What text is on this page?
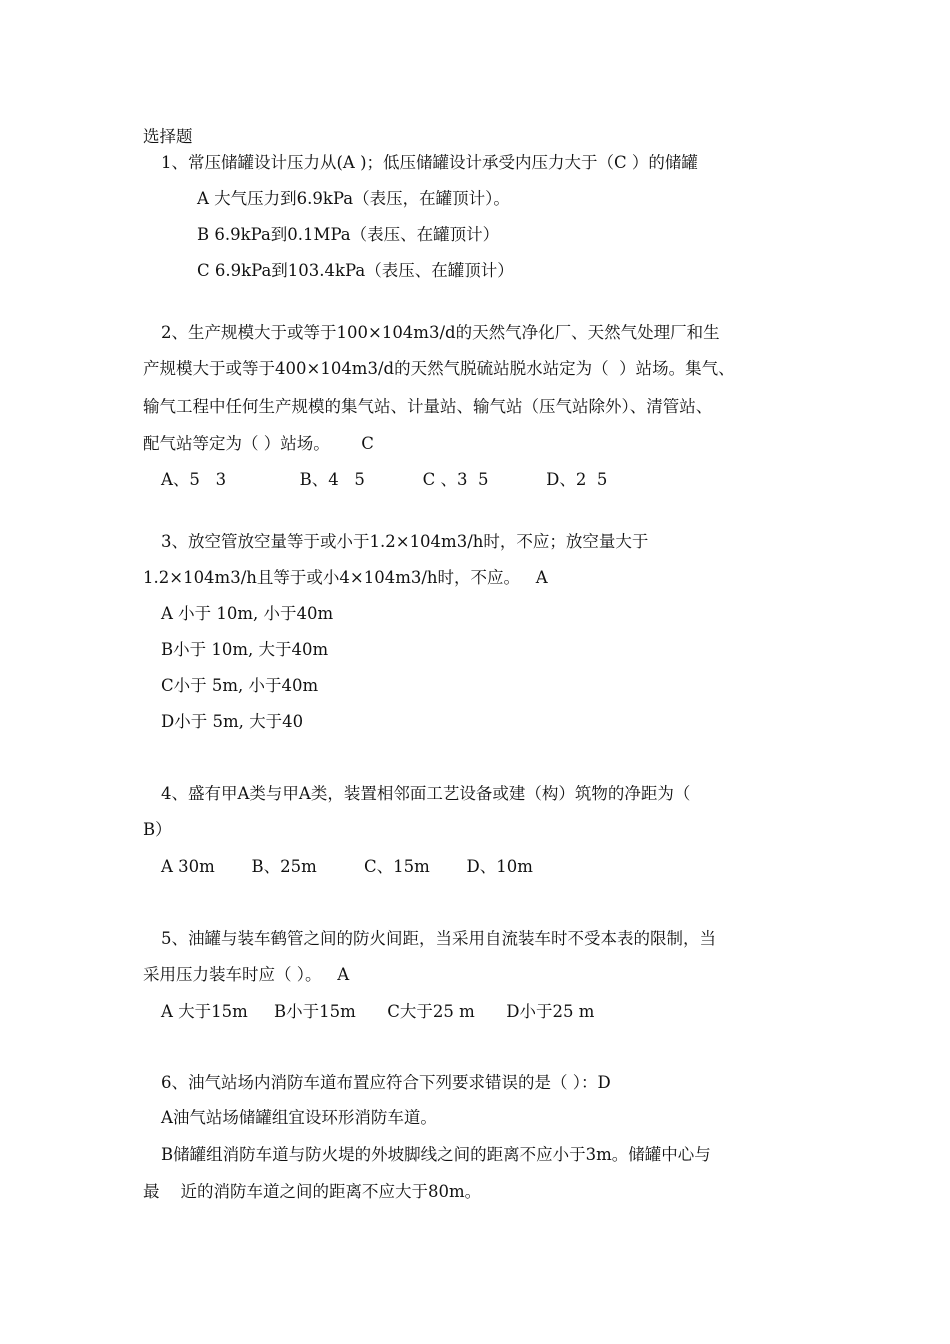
选择题

1、常压储罐设计压力从(A )；低压储罐设计承受内压力大于（C ）的储罐

A 大气压力到6.9kPa（表压，在罐顶计）。

B 6.9kPa到0.1MPa（表压、在罐顶计）

C 6.9kPa到103.4kPa（表压、在罐顶计）

2、生产规模大于或等于100×104m3/d的天然气净化厂、天然气处理厂和生

产规模大于或等于400×104m3/d的天然气脱硫站脱水站定为（  ）站场。集气、

输气工程中任何生产规模的集气站、计量站、输气站（压气站除外）、清管站、

配气站等定为（ ）站场。      C

A、5   3              B、4   5           C 、3  5           D、2  5

3、放空管放空量等于或小于1.2×104m3/h时，不应；放空量大于

1.2×104m3/h且等于或小4×104m3/h时，不应。   A

A 小于 10m, 小于40m

B小于 10m, 大于40m

C小于 5m, 小于40m

D小于 5m, 大于40

4、盛有甲A类与甲A类，装置相邻面工艺设备或建（构）筑物的净距为（

B）

A 30m       B、25m         C、15m       D、10m

5、油罐与装车鹤管之间的防火间距，当采用自流装车时不受本表的限制，当

采用压力装车时应（ ）。   A

A 大于15m     B小于15m      C大于25 m      D小于25 m

6、油气站场内消防车道布置应符合下列要求错误的是（ ）：D

A油气站场储罐组宜设环形消防车道。

B储罐组消防车道与防火堤的外坡脚线之间的距离不应小于3m。储罐中心与

最    近的消防车道之间的距离不应大于80m。
